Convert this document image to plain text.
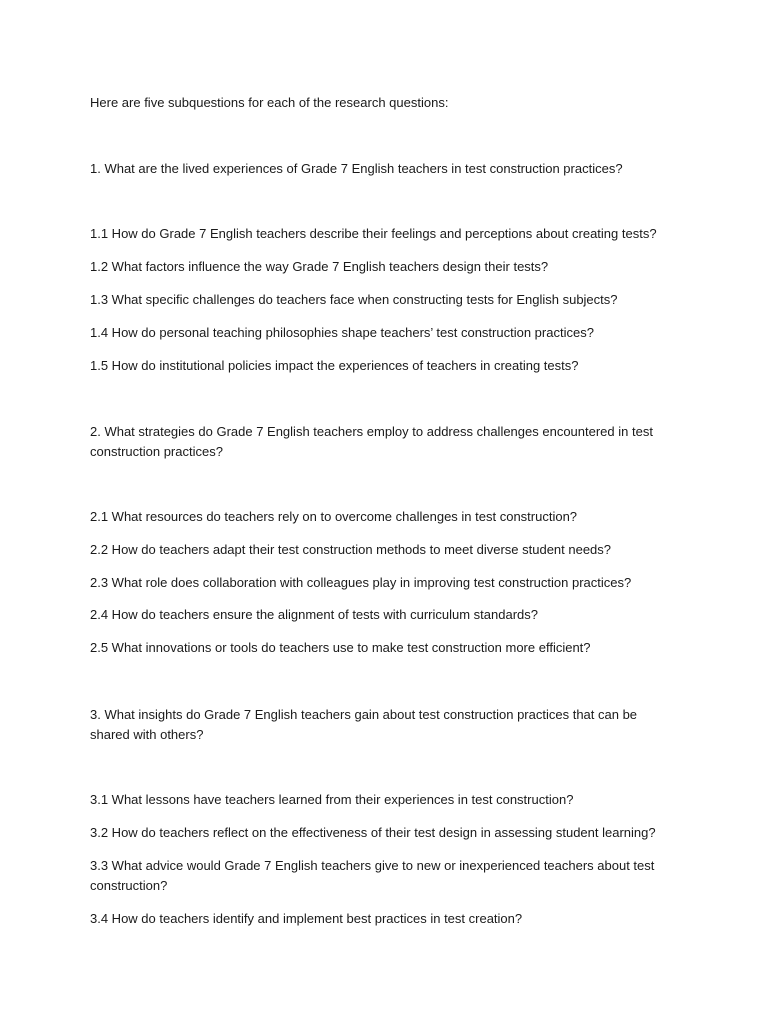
Here are five subquestions for each of the research questions:

1. What are the lived experiences of Grade 7 English teachers in test construction practices?

1.1 How do Grade 7 English teachers describe their feelings and perceptions about creating tests?

1.2 What factors influence the way Grade 7 English teachers design their tests?

1.3 What specific challenges do teachers face when constructing tests for English subjects?

1.4 How do personal teaching philosophies shape teachers’ test construction practices?

1.5 How do institutional policies impact the experiences of teachers in creating tests?

2. What strategies do Grade 7 English teachers employ to address challenges encountered in test construction practices?

2.1 What resources do teachers rely on to overcome challenges in test construction?

2.2 How do teachers adapt their test construction methods to meet diverse student needs?

2.3 What role does collaboration with colleagues play in improving test construction practices?

2.4 How do teachers ensure the alignment of tests with curriculum standards?

2.5 What innovations or tools do teachers use to make test construction more efficient?

3. What insights do Grade 7 English teachers gain about test construction practices that can be shared with others?

3.1 What lessons have teachers learned from their experiences in test construction?

3.2 How do teachers reflect on the effectiveness of their test design in assessing student learning?

3.3 What advice would Grade 7 English teachers give to new or inexperienced teachers about test construction?

3.4 How do teachers identify and implement best practices in test creation?
